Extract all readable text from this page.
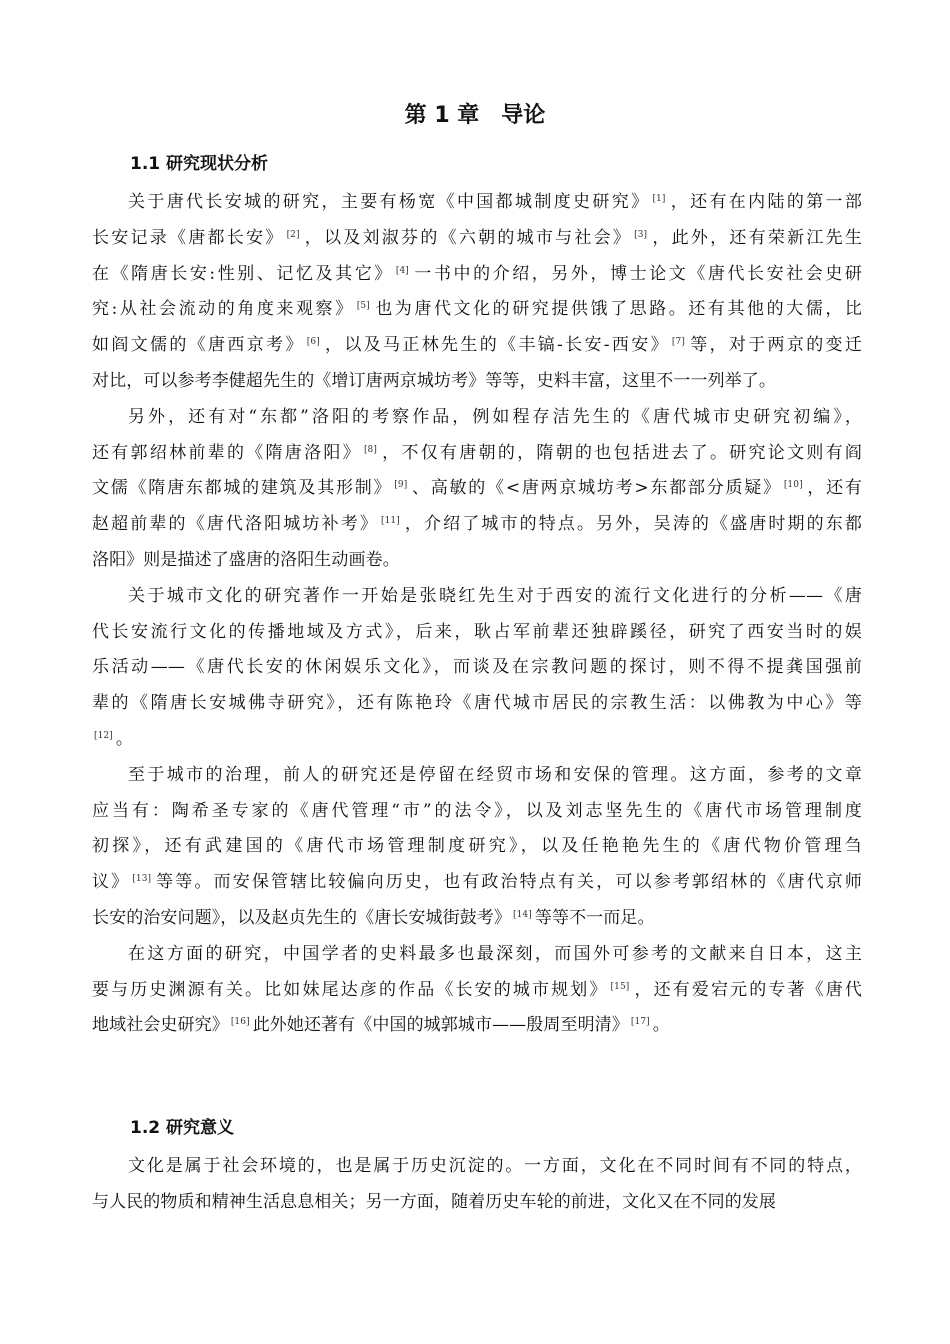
第 1 章　导论
1.1 研究现状分析
关于唐代长安城的研究，主要有杨宽《中国都城制度史研究》 [1] ，还有在内陆的第一部
长安记录《唐都长安》 [2] ，以及刘淑芬的《六朝的城市与社会》 [3] ，此外，还有荣新江先生
在《隋唐长安:性别、记忆及其它》 [4] 一书中的介绍，另外，博士论文《唐代长安社会史研
究:从社会流动的角度来观察》 [5] 也为唐代文化的研究提供饿了思路。还有其他的大儒，比
如阎文儒的《唐西京考》 [6] ，以及马正林先生的《丰镐-长安-西安》 [7] 等，对于两京的变迁
对比，可以参考李健超先生的《增订唐两京城坊考》等等，史料丰富，这里不一一列举了。
另外，还有对“东都”洛阳的考察作品，例如程存洁先生的《唐代城市史研究初编》，
还有郭绍林前辈的《隋唐洛阳》 [8] ，不仅有唐朝的，隋朝的也包括进去了。研究论文则有阎
文儒《隋唐东都城的建筑及其形制》 [9] 、高敏的《<唐两京城坊考>东都部分质疑》 [10] ，还有
赵超前辈的《唐代洛阳城坊补考》 [11] ，介绍了城市的特点。另外，吴涛的《盛唐时期的东都
洛阳》则是描述了盛唐的洛阳生动画卷。
关于城市文化的研究著作一开始是张晓红先生对于西安的流行文化进行的分析——《唐
代长安流行文化的传播地域及方式》，后来，耿占军前辈还独辟蹊径，研究了西安当时的娱
乐活动——《唐代长安的休闲娱乐文化》，而谈及在宗教问题的探讨，则不得不提龚国强前
辈的《隋唐长安城佛寺研究》，还有陈艳玲《唐代城市居民的宗教生活：以佛教为中心》等
[12] 。
至于城市的治理，前人的研究还是停留在经贸市场和安保的管理。这方面，参考的文章
应当有：陶希圣专家的《唐代管理“市”的法令》，以及刘志坚先生的《唐代市场管理制度
初探》，还有武建国的《唐代市场管理制度研究》，以及任艳艳先生的《唐代物价管理刍
议》 [13] 等等。而安保管辖比较偏向历史，也有政治特点有关，可以参考郭绍林的《唐代京师
长安的治安问题》，以及赵贞先生的《唐长安城街鼓考》 [14] 等等不一而足。
在这方面的研究，中国学者的史料最多也最深刻，而国外可参考的文献来自日本，这主
要与历史渊源有关。比如妹尾达彦的作品《长安的城市规划》 [15] ，还有爱宕元的专著《唐代
地域社会史研究》 [16] 此外她还著有《中国的城郭城市——殷周至明清》 [17] 。
1.2 研究意义
文化是属于社会环境的，也是属于历史沉淀的。一方面，文化在不同时间有不同的特点，
与人民的物质和精神生活息息相关；另一方面，随着历史车轮的前进，文化又在不同的发展
